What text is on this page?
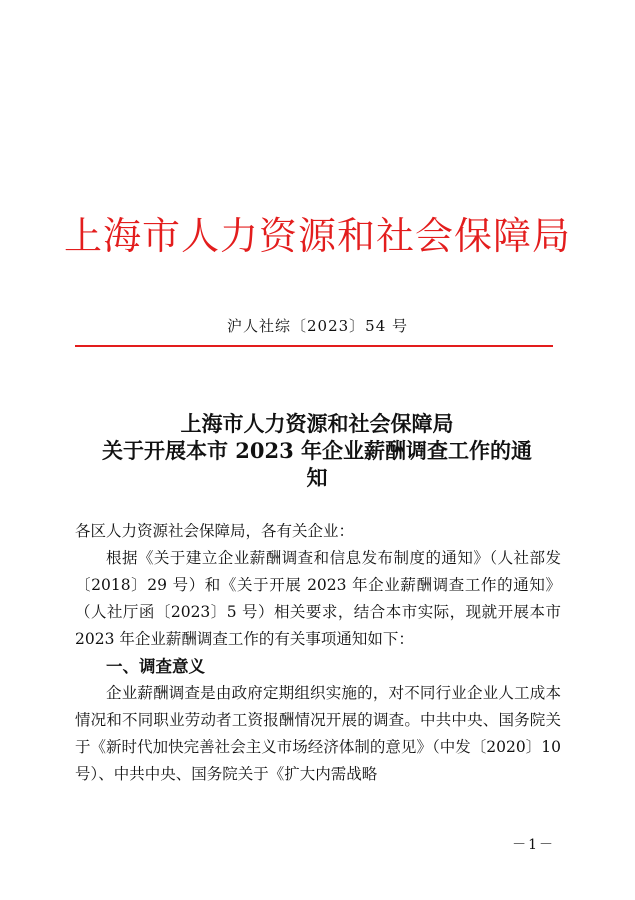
上海市人力资源和社会保障局
沪人社综〔2023〕54 号
上海市人力资源和社会保障局
关于开展本市 2023 年企业薪酬调查工作的通
知

各区人力资源社会保障局，各有关企业：

根据《关于建立企业薪酬调查和信息发布制度的通知》（人社部发〔2018〕29 号）和《关于开展 2023 年企业薪酬调查工作的通知》（人社厅函〔2023〕5 号）相关要求，结合本市实际，现就开展本市 2023 年企业薪酬调查工作的有关事项通知如下：

一、调查意义

企业薪酬调查是由政府定期组织实施的，对不同行业企业人工成本情况和不同职业劳动者工资报酬情况开展的调查。中共中央、国务院关于《新时代加快完善社会主义市场经济体制的意见》（中发〔2020〕10 号）、中共中央、国务院关于《扩大内需战略

－1－
